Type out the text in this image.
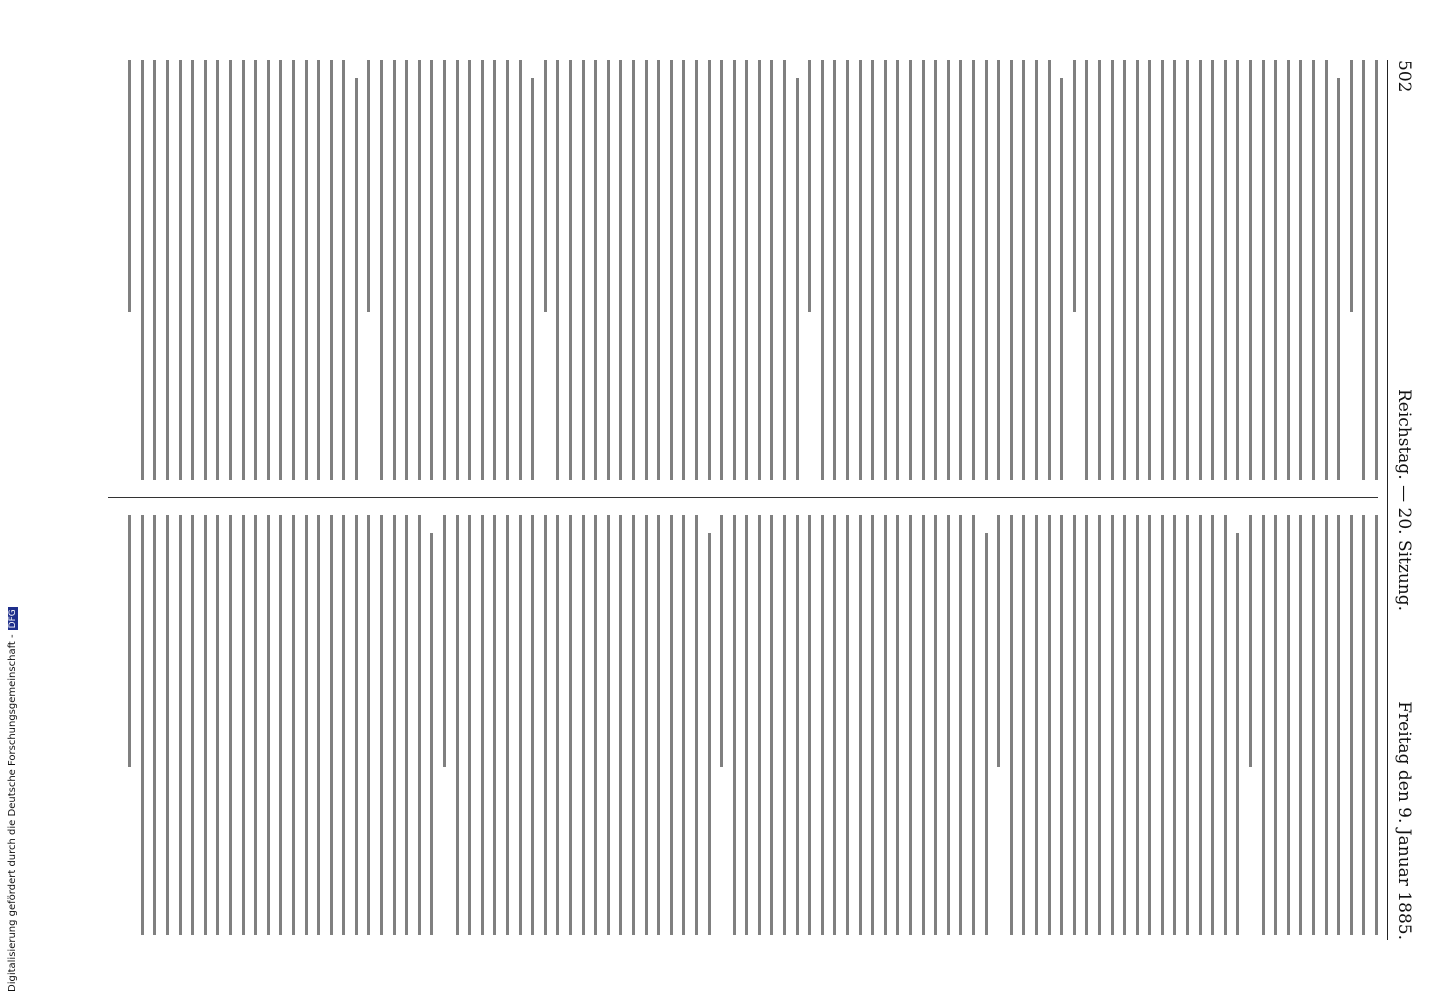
Digitalisierung gefördert durch die Deutsche Forschungsgemeinschaft -DFG
502
Reichstag. — 20. Sitzung.
Freitag den 9. Januar 1885.
